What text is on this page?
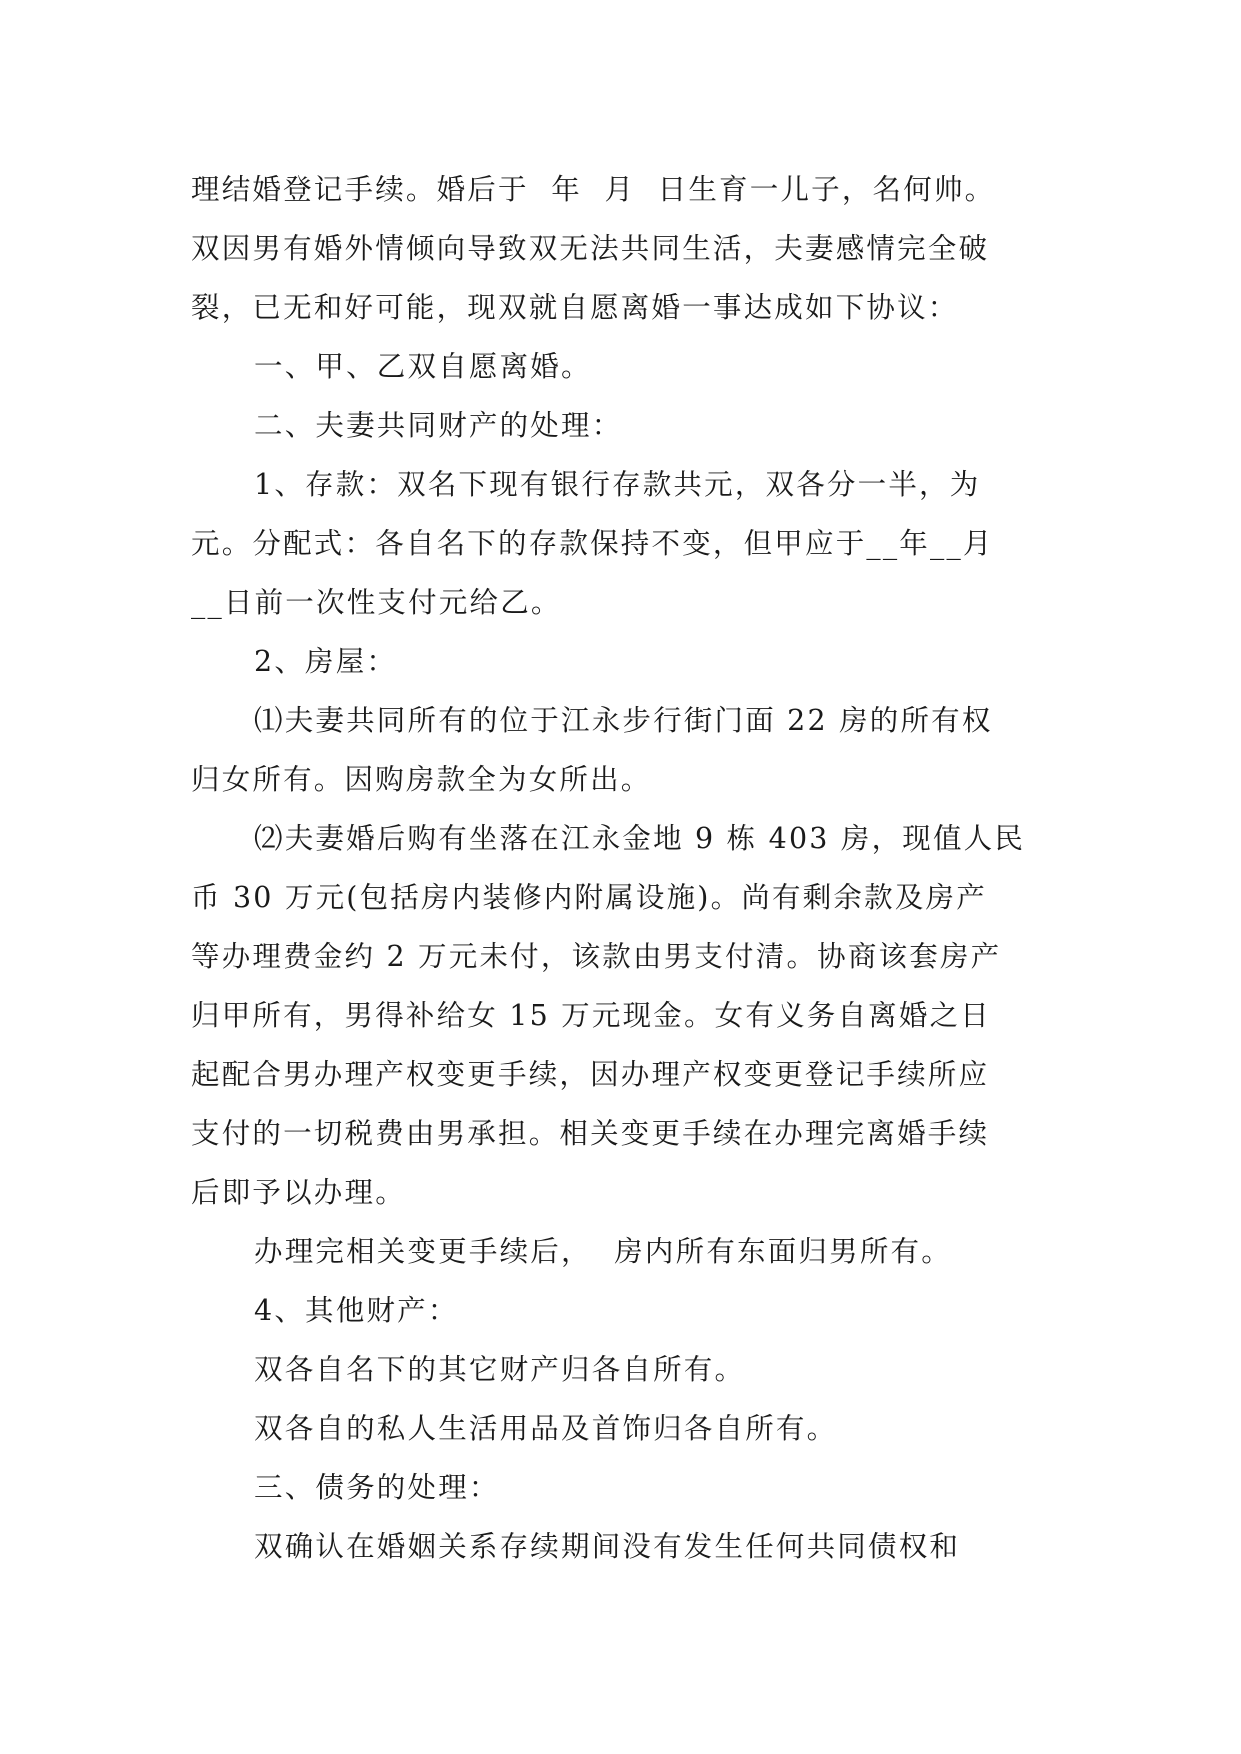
理结婚登记手续。婚后于  年  月  日生育一儿子，名何帅。
双因男有婚外情倾向导致双无法共同生活，夫妻感情完全破
裂，已无和好可能，现双就自愿离婚一事达成如下协议：
一、甲、乙双自愿离婚。
二、夫妻共同财产的处理：
1、存款：双名下现有银行存款共元，双各分一半，为
元。分配式：各自名下的存款保持不变，但甲应于__年__月
__日前一次性支付元给乙。
2、房屋：
⑴夫妻共同所有的位于江永步行街门面 22 房的所有权
归女所有。因购房款全为女所出。
⑵夫妻婚后购有坐落在江永金地 9 栋 403 房，现值人民
币 30 万元(包括房内装修内附属设施)。尚有剩余款及房产
等办理费金约 2 万元未付，该款由男支付清。协商该套房产
归甲所有，男得补给女 15 万元现金。女有义务自离婚之日
起配合男办理产权变更手续，因办理产权变更登记手续所应
支付的一切税费由男承担。相关变更手续在办理完离婚手续
后即予以办理。
办理完相关变更手续后，  房内所有东面归男所有。
4、其他财产：
双各自名下的其它财产归各自所有。
双各自的私人生活用品及首饰归各自所有。
三、债务的处理：
双确认在婚姻关系存续期间没有发生任何共同债权和
